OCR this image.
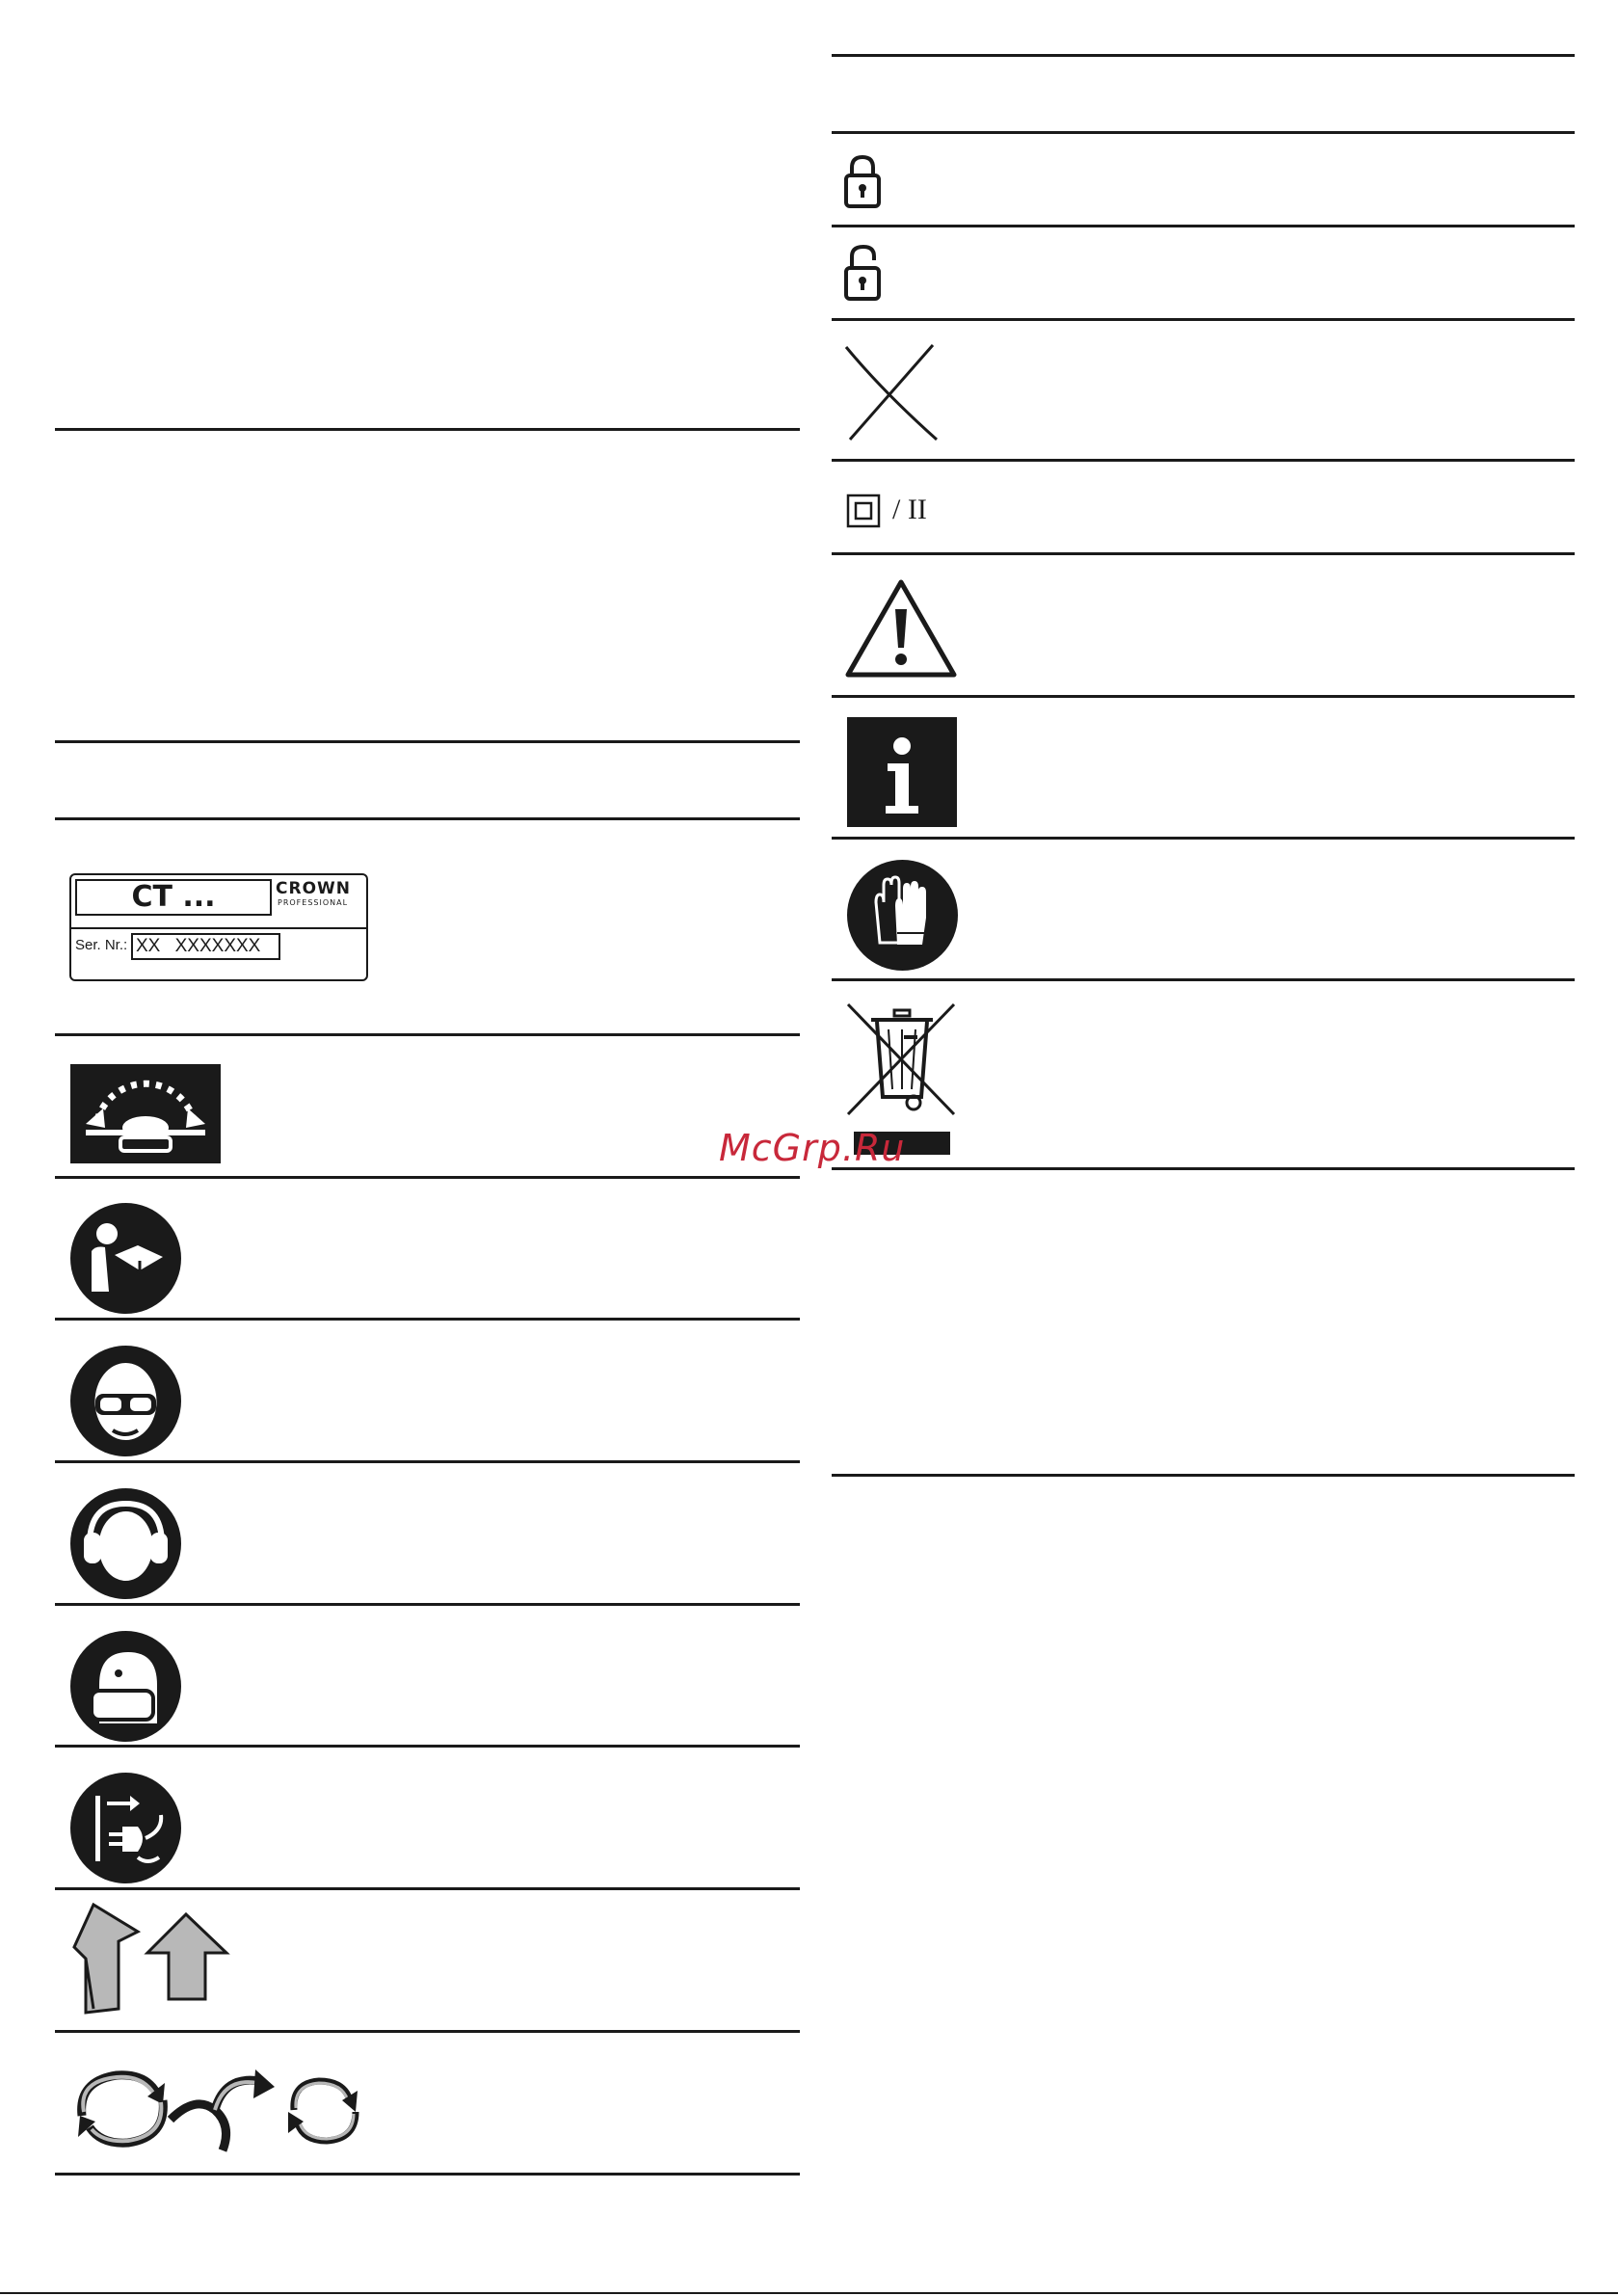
CT ...	CROWN
PROFESSIONAL
Ser. Nr.: XX XXXXXXX
/ II
McGrp.Ru
